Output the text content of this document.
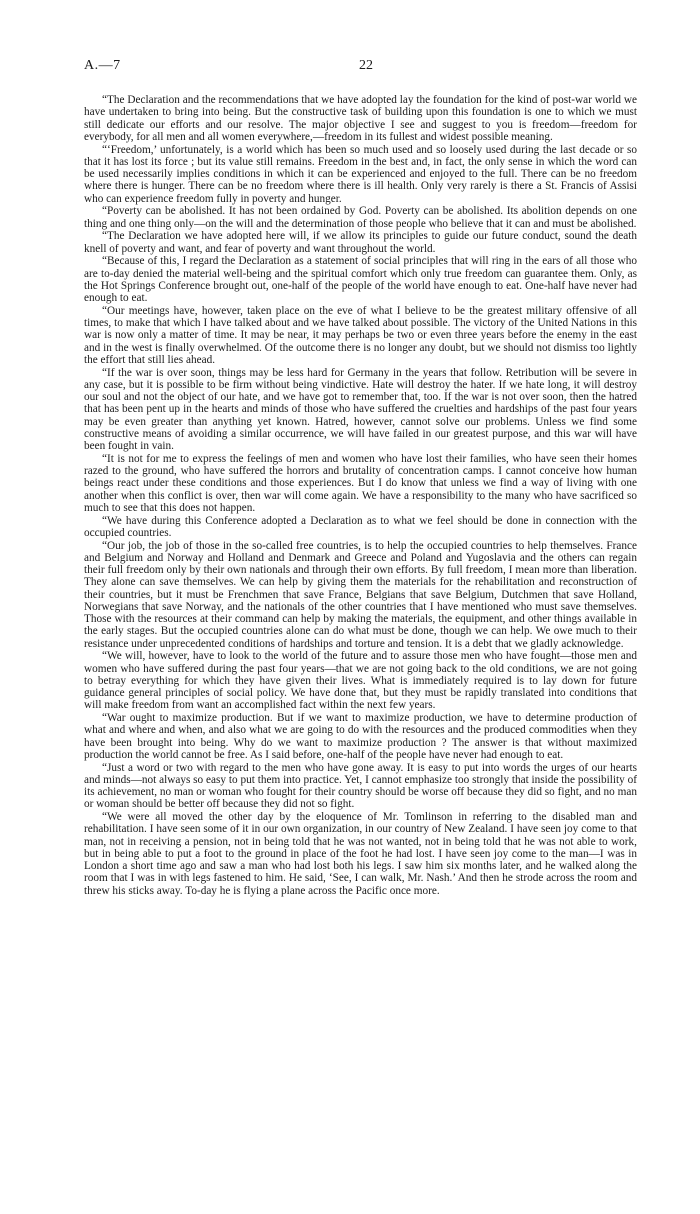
A.—7	22

“The Declaration and the recommendations that we have adopted lay the foundation for the kind of post-war world we have undertaken to bring into being. But the constructive task of building upon this foundation is one to which we must still dedicate our efforts and our resolve. The major objective I see and suggest to you is freedom—freedom for everybody, for all men and all women everywhere,—freedom in its fullest and widest possible meaning.

“‘Freedom,’ unfortunately, is a world which has been so much used and so loosely used during the last decade or so that it has lost its force ; but its value still remains. Freedom in the best and, in fact, the only sense in which the word can be used necessarily implies conditions in which it can be experienced and enjoyed to the full. There can be no freedom where there is hunger. There can be no freedom where there is ill health. Only very rarely is there a St. Francis of Assisi who can experience freedom fully in poverty and hunger.

“Poverty can be abolished. It has not been ordained by God. Poverty can be abolished. Its abolition depends on one thing and one thing only—on the will and the determination of those people who believe that it can and must be abolished.

“The Declaration we have adopted here will, if we allow its principles to guide our future conduct, sound the death knell of poverty and want, and fear of poverty and want throughout the world.

“Because of this, I regard the Declaration as a statement of social principles that will ring in the ears of all those who are to-day denied the material well-being and the spiritual comfort which only true freedom can guarantee them. Only, as the Hot Springs Conference brought out, one-half of the people of the world have enough to eat. One-half have never had enough to eat.

“Our meetings have, however, taken place on the eve of what I believe to be the greatest military offensive of all times, to make that which I have talked about and we have talked about possible. The victory of the United Nations in this war is now only a matter of time. It may be near, it may perhaps be two or even three years before the enemy in the east and in the west is finally overwhelmed. Of the outcome there is no longer any doubt, but we should not dismiss too lightly the effort that still lies ahead.

“If the war is over soon, things may be less hard for Germany in the years that follow. Retribution will be severe in any case, but it is possible to be firm without being vindictive. Hate will destroy the hater. If we hate long, it will destroy our soul and not the object of our hate, and we have got to remember that, too. If the war is not over soon, then the hatred that has been pent up in the hearts and minds of those who have suffered the cruelties and hardships of the past four years may be even greater than anything yet known. Hatred, however, cannot solve our problems. Unless we find some constructive means of avoiding a similar occurrence, we will have failed in our greatest purpose, and this war will have been fought in vain.

“It is not for me to express the feelings of men and women who have lost their families, who have seen their homes razed to the ground, who have suffered the horrors and brutality of concentration camps. I cannot conceive how human beings react under these conditions and those experiences. But I do know that unless we find a way of living with one another when this conflict is over, then war will come again. We have a responsibility to the many who have sacrificed so much to see that this does not happen.

“We have during this Conference adopted a Declaration as to what we feel should be done in connection with the occupied countries.

“Our job, the job of those in the so-called free countries, is to help the occupied countries to help themselves. France and Belgium and Norway and Holland and Denmark and Greece and Poland and Yugoslavia and the others can regain their full freedom only by their own nationals and through their own efforts. By full freedom, I mean more than liberation. They alone can save themselves. We can help by giving them the materials for the rehabilitation and reconstruction of their countries, but it must be Frenchmen that save France, Belgians that save Belgium, Dutchmen that save Holland, Norwegians that save Norway, and the nationals of the other countries that I have mentioned who must save themselves. Those with the resources at their command can help by making the materials, the equipment, and other things available in the early stages. But the occupied countries alone can do what must be done, though we can help. We owe much to their resistance under unprecedented conditions of hardships and torture and tension. It is a debt that we gladly acknowledge.

“We will, however, have to look to the world of the future and to assure those men who have fought—those men and women who have suffered during the past four years—that we are not going back to the old conditions, we are not going to betray everything for which they have given their lives. What is immediately required is to lay down for future guidance general principles of social policy. We have done that, but they must be rapidly translated into conditions that will make freedom from want an accomplished fact within the next few years.

“War ought to maximize production. But if we want to maximize production, we have to determine production of what and where and when, and also what we are going to do with the resources and the produced commodities when they have been brought into being. Why do we want to maximize production ? The answer is that without maximized production the world cannot be free. As I said before, one-half of the people have never had enough to eat.

“Just a word or two with regard to the men who have gone away. It is easy to put into words the urges of our hearts and minds—not always so easy to put them into practice. Yet, I cannot emphasize too strongly that inside the possibility of its achievement, no man or woman who fought for their country should be worse off because they did so fight, and no man or woman should be better off because they did not so fight.

“We were all moved the other day by the eloquence of Mr. Tomlinson in referring to the disabled man and rehabilitation. I have seen some of it in our own organization, in our country of New Zealand. I have seen joy come to that man, not in receiving a pension, not in being told that he was not wanted, not in being told that he was not able to work, but in being able to put a foot to the ground in place of the foot he had lost. I have seen joy come to the man—I was in London a short time ago and saw a man who had lost both his legs. I saw him six months later, and he walked along the room that I was in with legs fastened to him. He said, ‘See, I can walk, Mr. Nash.’ And then he strode across the room and threw his sticks away. To-day he is flying a plane across the Pacific once more.
